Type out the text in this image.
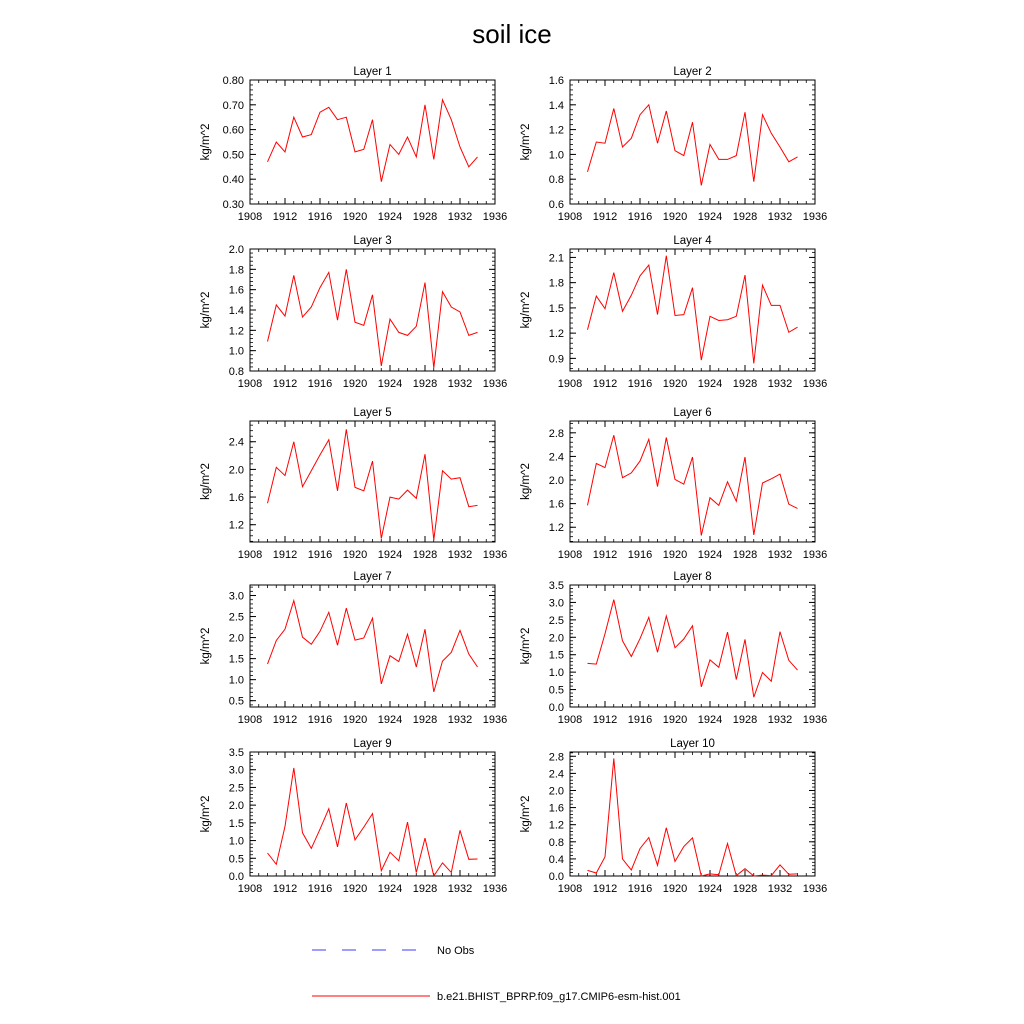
soil ice
Layer 1
1908 1912 1916 1920 1924 1928 1932 1936
0.30
0.40
0.50
0.60
0.70
0.80
kg/m^2
Layer 2
1908 1912 1916 1920 1924 1928 1932 1936
0.6
0.8
1.0
1.2
1.4
1.6
kg/m^2
Layer 3
1908 1912 1916 1920 1924 1928 1932 1936
0.8
1.0
1.2
1.4
1.6
1.8
2.0
kg/m^2
Layer 4
1908 1912 1916 1920 1924 1928 1932 1936
0.9
1.2
1.5
1.8
2.1
kg/m^2
Layer 5
1908 1912 1916 1920 1924 1928 1932 1936
1.2
1.6
2.0
2.4
kg/m^2
Layer 6
1908 1912 1916 1920 1924 1928 1932 1936
1.2
1.6
2.0
2.4
2.8
kg/m^2
Layer 7
1908 1912 1916 1920 1924 1928 1932 1936
0.5
1.0
1.5
2.0
2.5
3.0
kg/m^2
Layer 8
1908 1912 1916 1920 1924 1928 1932 1936
0.0
0.5
1.0
1.5
2.0
2.5
3.0
3.5
kg/m^2
Layer 9
1908 1912 1916 1920 1924 1928 1932 1936
0.0
0.5
1.0
1.5
2.0
2.5
3.0
3.5
kg/m^2
Layer 10
1908 1912 1916 1920 1924 1928 1932 1936
0.0
0.4
0.8
1.2
1.6
2.0
2.4
2.8
kg/m^2
No Obs
b.e21.BHIST_BPRP.f09_g17.CMIP6-esm-hist.001
